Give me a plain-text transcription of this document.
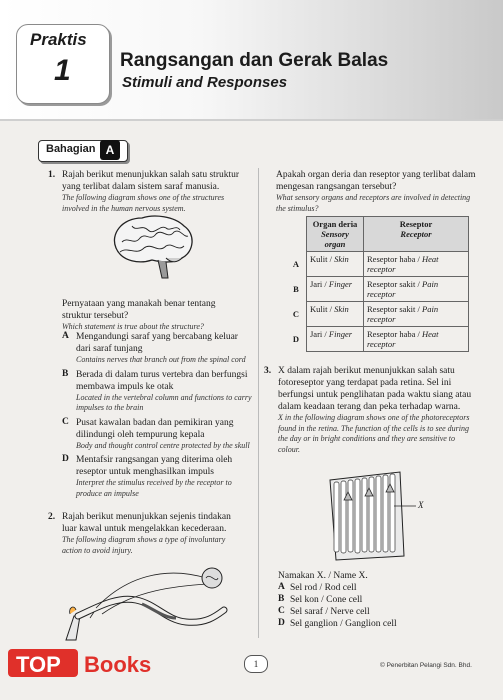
Praktis
1	Rangsangan dan Gerak Balas
Stimuli and Responses
Bahagian A
1. Rajah berikut menunjukkan salah satu struktur yang terlibat dalam sistem saraf manusia.
The following diagram shows one of the structures involved in the human nervous system.
Pernyataan yang manakah benar tentang struktur tersebut?
Which statement is true about the structure?
A Mengandungi saraf yang bercabang keluar dari saraf tunjang
Contains nerves that branch out from the spinal cord
B Berada di dalam turus vertebra dan berfungsi membawa impuls ke otak
Located in the vertebral column and functions to carry impulses to the brain
C Pusat kawalan badan dan pemikiran yang dilindungi oleh tempurung kepala
Body and thought control centre protected by the skull
D Mentafsir rangsangan yang diterima oleh reseptor untuk menghasilkan impuls
Interpret the stimulus received by the receptor to produce an impulse
2. Rajah berikut menunjukkan sejenis tindakan luar kawal untuk mengelakkan kecederaan.
The following diagram shows a type of involuntary action to avoid injury.
Apakah organ deria dan reseptor yang terlibat dalam mengesan rangsangan tersebut?
What sensory organs and receptors are involved in detecting the stimulus?
	Organ deria
Sensory organ	Reseptor
Receptor
A	Kulit / Skin	Reseptor haba / Heat receptor
B	Jari / Finger	Reseptor sakit / Pain receptor
C	Kulit / Skin	Reseptor sakit / Pain receptor
D	Jari / Finger	Reseptor haba / Heat receptor
3. X dalam rajah berikut menunjukkan salah satu fotoreseptor yang terdapat pada retina. Sel ini berfungsi untuk penglihatan pada waktu siang atau dalam keadaan terang dan peka terhadap warna.
X in the following diagram shows one of the photoreceptors found in the retina. The function of the cells is to see during the day or in bright conditions and they are sensitive to colour.
X
Namakan X. / Name X.
A Sel rod / Rod cell
B Sel kon / Cone cell
C Sel saraf / Nerve cell
D Sel ganglion / Ganglion cell
TOP Books	1	© Penerbitan Pelangi Sdn. Bhd.
